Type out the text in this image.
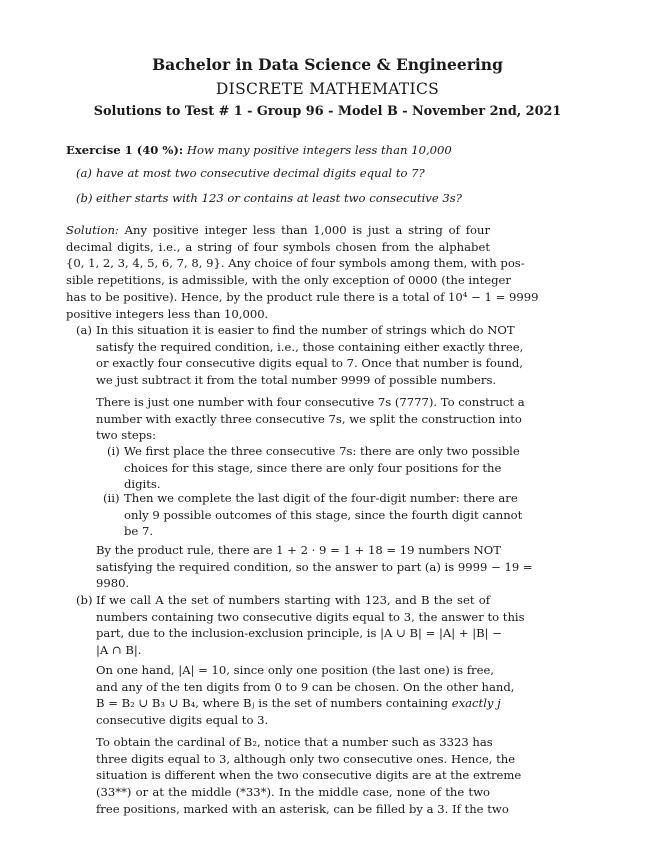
Bachelor in Data Science & Engineering
DISCRETE MATHEMATICS
Solutions to Test # 1 - Group 96 - Model B - November 2nd, 2021
Exercise 1 (40 %): How many positive integers less than 10,000
(a) have at most two consecutive decimal digits equal to 7?
(b) either starts with 123 or contains at least two consecutive 3s?
Solution: Any positive integer less than 1,000 is just a string of four
decimal digits, i.e., a string of four symbols chosen from the alphabet
{0, 1, 2, 3, 4, 5, 6, 7, 8, 9}. Any choice of four symbols among them, with pos-
sible repetitions, is admissible, with the only exception of 0000 (the integer
has to be positive). Hence, by the product rule there is a total of 10⁴ − 1 = 9999
positive integers less than 10,000.
(a) In this situation it is easier to find the number of strings which do NOT
satisfy the required condition, i.e., those containing either exactly three,
or exactly four consecutive digits equal to 7. Once that number is found,
we just subtract it from the total number 9999 of possible numbers.
There is just one number with four consecutive 7s (7777). To construct a
number with exactly three consecutive 7s, we split the construction into
two steps:
(i) We first place the three consecutive 7s: there are only two possible
choices for this stage, since there are only four positions for the
digits.
(ii) Then we complete the last digit of the four-digit number: there are
only 9 possible outcomes of this stage, since the fourth digit cannot
be 7.
By the product rule, there are 1 + 2 · 9 = 1 + 18 = 19 numbers NOT
satisfying the required condition, so the answer to part (a) is 9999 − 19 =
9980.
(b) If we call A the set of numbers starting with 123, and B the set of
numbers containing two consecutive digits equal to 3, the answer to this
part, due to the inclusion-exclusion principle, is |A ∪ B| = |A| + |B| −
|A ∩ B|.
On one hand, |A| = 10, since only one position (the last one) is free,
and any of the ten digits from 0 to 9 can be chosen. On the other hand,
B = B₂ ∪ B₃ ∪ B₄, where Bⱼ is the set of numbers containing exactly j
consecutive digits equal to 3.
To obtain the cardinal of B₂, notice that a number such as 3323 has
three digits equal to 3, although only two consecutive ones. Hence, the
situation is different when the two consecutive digits are at the extreme
(33**) or at the middle (*33*). In the middle case, none of the two
free positions, marked with an asterisk, can be filled by a 3. If the two
